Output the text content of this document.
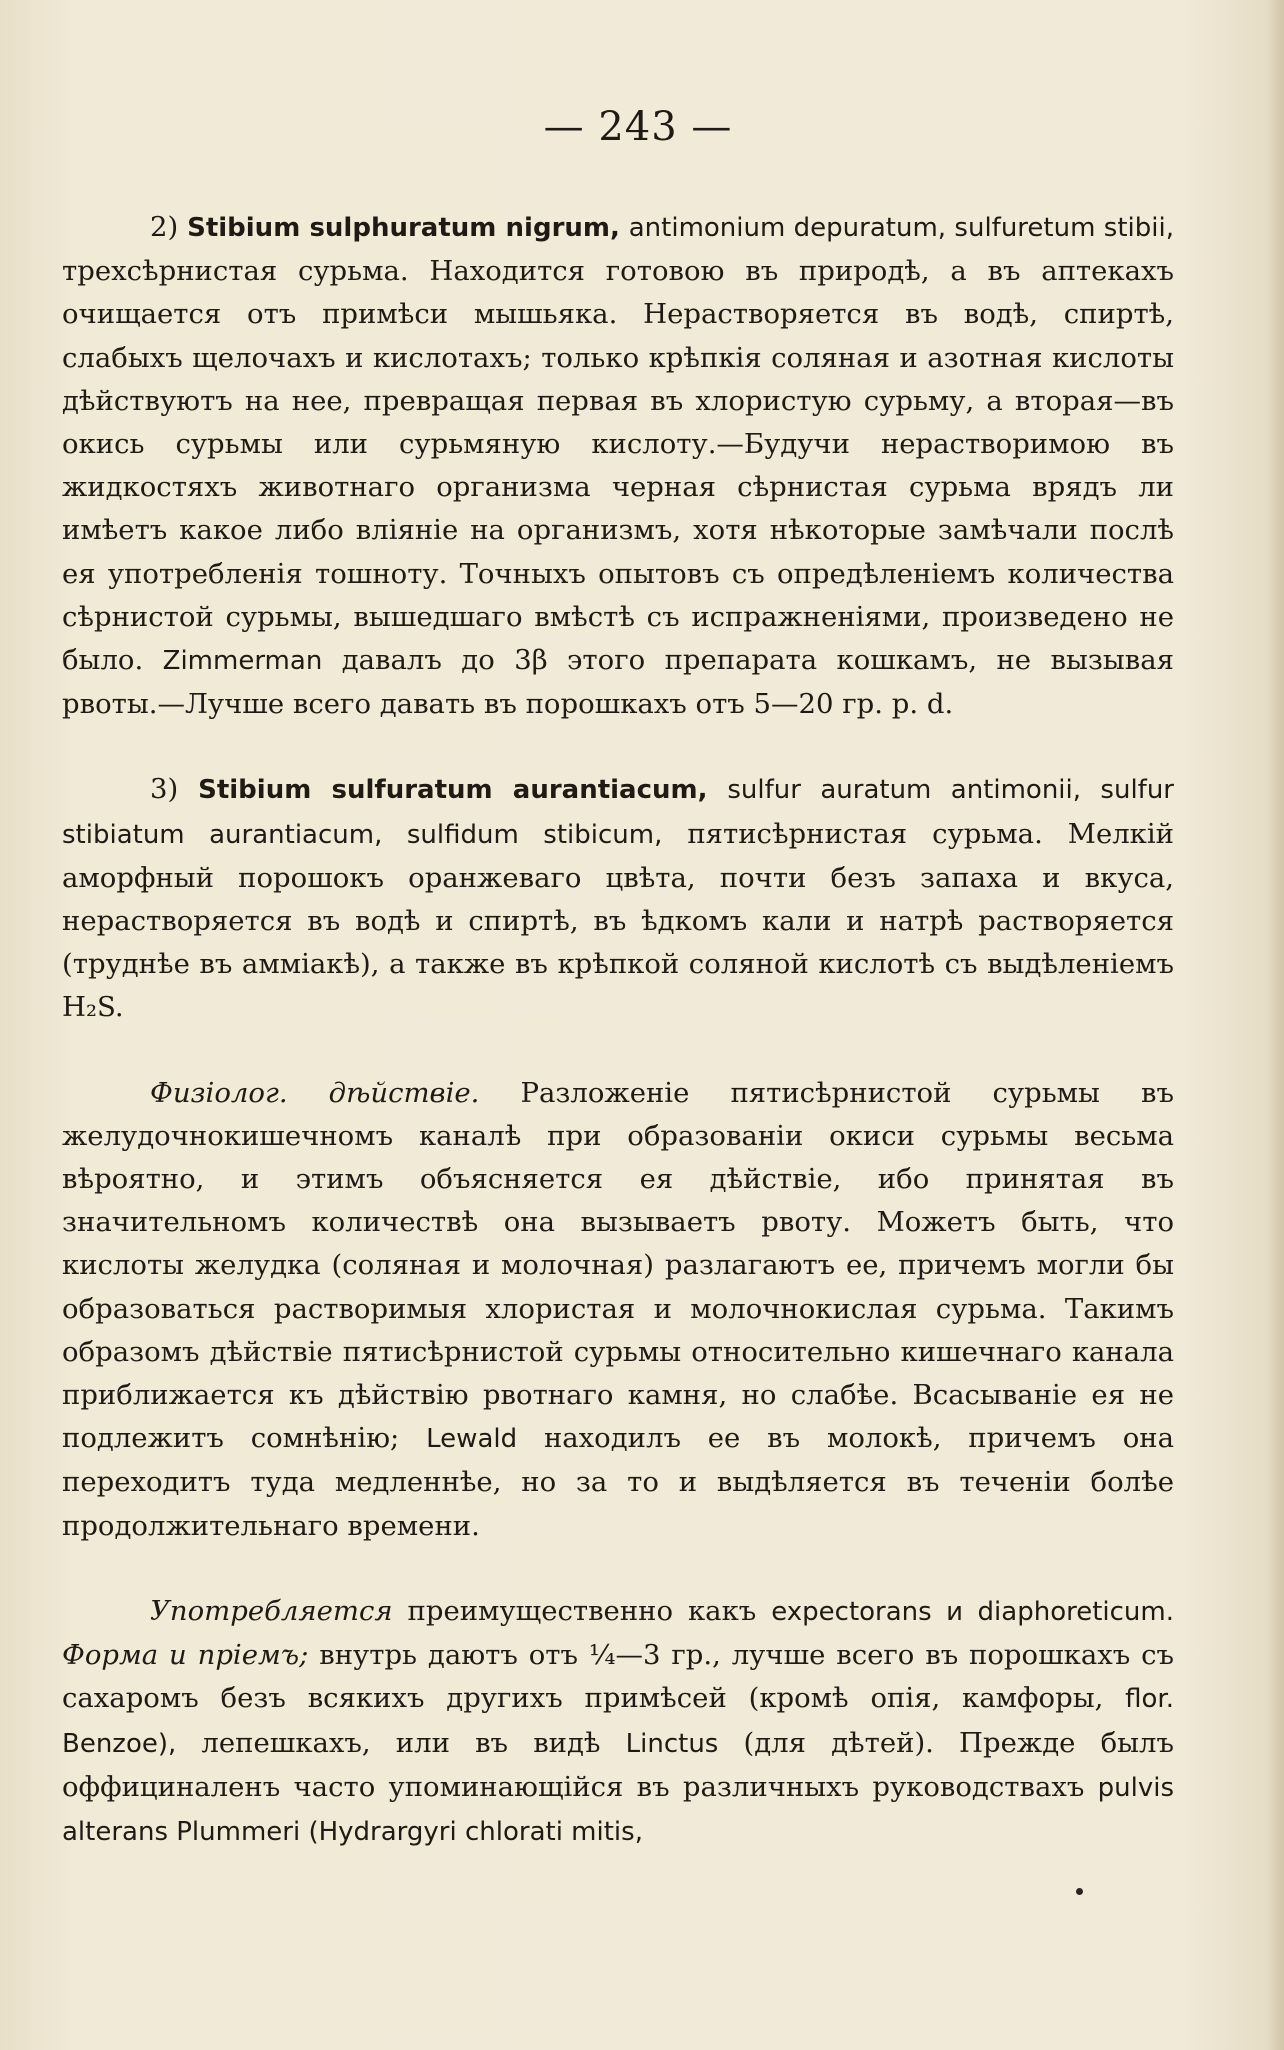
— 243 —

2) Stibium sulphuratum nigrum, antimonium depuratum, sulfuretum stibii, трехсѣрнистая сурьма. Находится готовою въ природѣ, а въ аптекахъ очищается отъ примѣси мышьяка. Нерастворяется въ водѣ, спиртѣ, слабыхъ щелочахъ и кислотахъ; только крѣпкія соляная и азотная кислоты дѣйствуютъ на нее, превращая первая въ хлористую сурьму, а вторая—въ окись сурьмы или сурьмяную кислоту.—Будучи нерастворимою въ жидкостяхъ животнаго организма черная сѣрнистая сурьма врядъ ли имѣетъ какое либо вліяніе на организмъ, хотя нѣкоторые замѣчали послѣ ея употребленія тошноту. Точныхъ опытовъ съ опредѣленіемъ количества сѣрнистой сурьмы, вышедшаго вмѣстѣ съ испражненіями, произведено не было. Zimmerman давалъ до 3β этого препарата кошкамъ, не вызывая рвоты.—Лучше всего давать въ порошкахъ отъ 5—20 гр. p. d.

3) Stibium sulfuratum aurantiacum, sulfur auratum antimonii, sulfur stibiatum aurantiacum, sulfidum stibicum, пятисѣрнистая сурьма. Мелкій аморфный порошокъ оранжеваго цвѣта, почти безъ запаха и вкуса, нерастворяется въ водѣ и спиртѣ, въ ѣдкомъ кали и натрѣ растворяется (труднѣе въ амміакѣ), а также въ крѣпкой соляной кислотѣ съ выдѣленіемъ H₂S.

Физіолог. дѣйствіе. Разложеніе пятисѣрнистой сурьмы въ желудочнокишечномъ каналѣ при образованіи окиси сурьмы весьма вѣроятно, и этимъ объясняется ея дѣйствіе, ибо принятая въ значительномъ количествѣ она вызываетъ рвоту. Можетъ быть, что кислоты желудка (соляная и молочная) разлагаютъ ее, причемъ могли бы образоваться растворимыя хлористая и молочнокислая сурьма. Такимъ образомъ дѣйствіе пятисѣрнистой сурьмы относительно кишечнаго канала приближается къ дѣйствію рвотнаго камня, но слабѣе. Всасываніе ея не подлежитъ сомнѣнію; Lewald находилъ ее въ молокѣ, причемъ она переходитъ туда медленнѣе, но за то и выдѣляется въ теченіи болѣе продолжительнаго времени.

Употребляется преимущественно какъ expectorans и diaphoreticum. Форма и пріемъ; внутрь даютъ отъ ¼—3 гр., лучше всего въ порошкахъ съ сахаромъ безъ всякихъ другихъ примѣсей (кромѣ опія, камфоры, flor. Benzoe), лепешкахъ, или въ видѣ Linctus (для дѣтей). Прежде былъ оффициналенъ часто упоминающійся въ различныхъ руководствахъ pulvis alterans Plummeri (Hydrargyri chlorati mitis,
